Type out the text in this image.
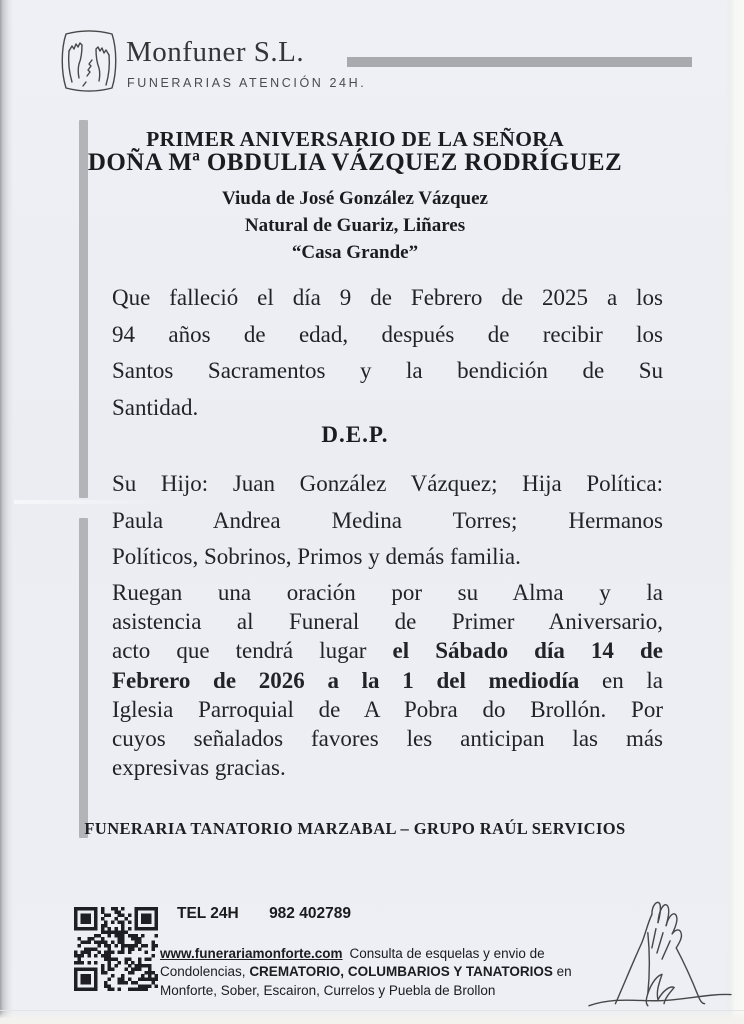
Monfuner S.L.
FUNERARIAS ATENCIÓN 24H.
PRIMER ANIVERSARIO DE LA SEÑORA
DOÑA Mª OBDULIA VÁZQUEZ RODRÍGUEZ
Viuda de José González Vázquez
Natural de Guariz, Liñares
“Casa Grande”
Que falleció el día 9 de Febrero de 2025 a los
94 años de edad, después de recibir los
Santos Sacramentos y la bendición de Su
Santidad.
D.E.P.
Su Hijo: Juan González Vázquez; Hija Política:
Paula Andrea Medina Torres; Hermanos
Políticos, Sobrinos, Primos y demás familia.
Ruegan una oración por su Alma y la
asistencia al Funeral de Primer Aniversario,
acto que tendrá lugar el Sábado día 14 de
Febrero de 2026 a la 1 del mediodía en la
Iglesia Parroquial de A Pobra do Brollón. Por
cuyos señalados favores les anticipan las más
expresivas gracias.
FUNERARIA TANATORIO MARZABAL – GRUPO RAÚL SERVICIOS
TEL 24H 982 402789
www.funerariamonforte.com Consulta de esquelas y envio de
Condolencias, CREMATORIO, COLUMBARIOS Y TANATORIOS en
Monforte, Sober, Escairon, Currelos y Puebla de Brollon
